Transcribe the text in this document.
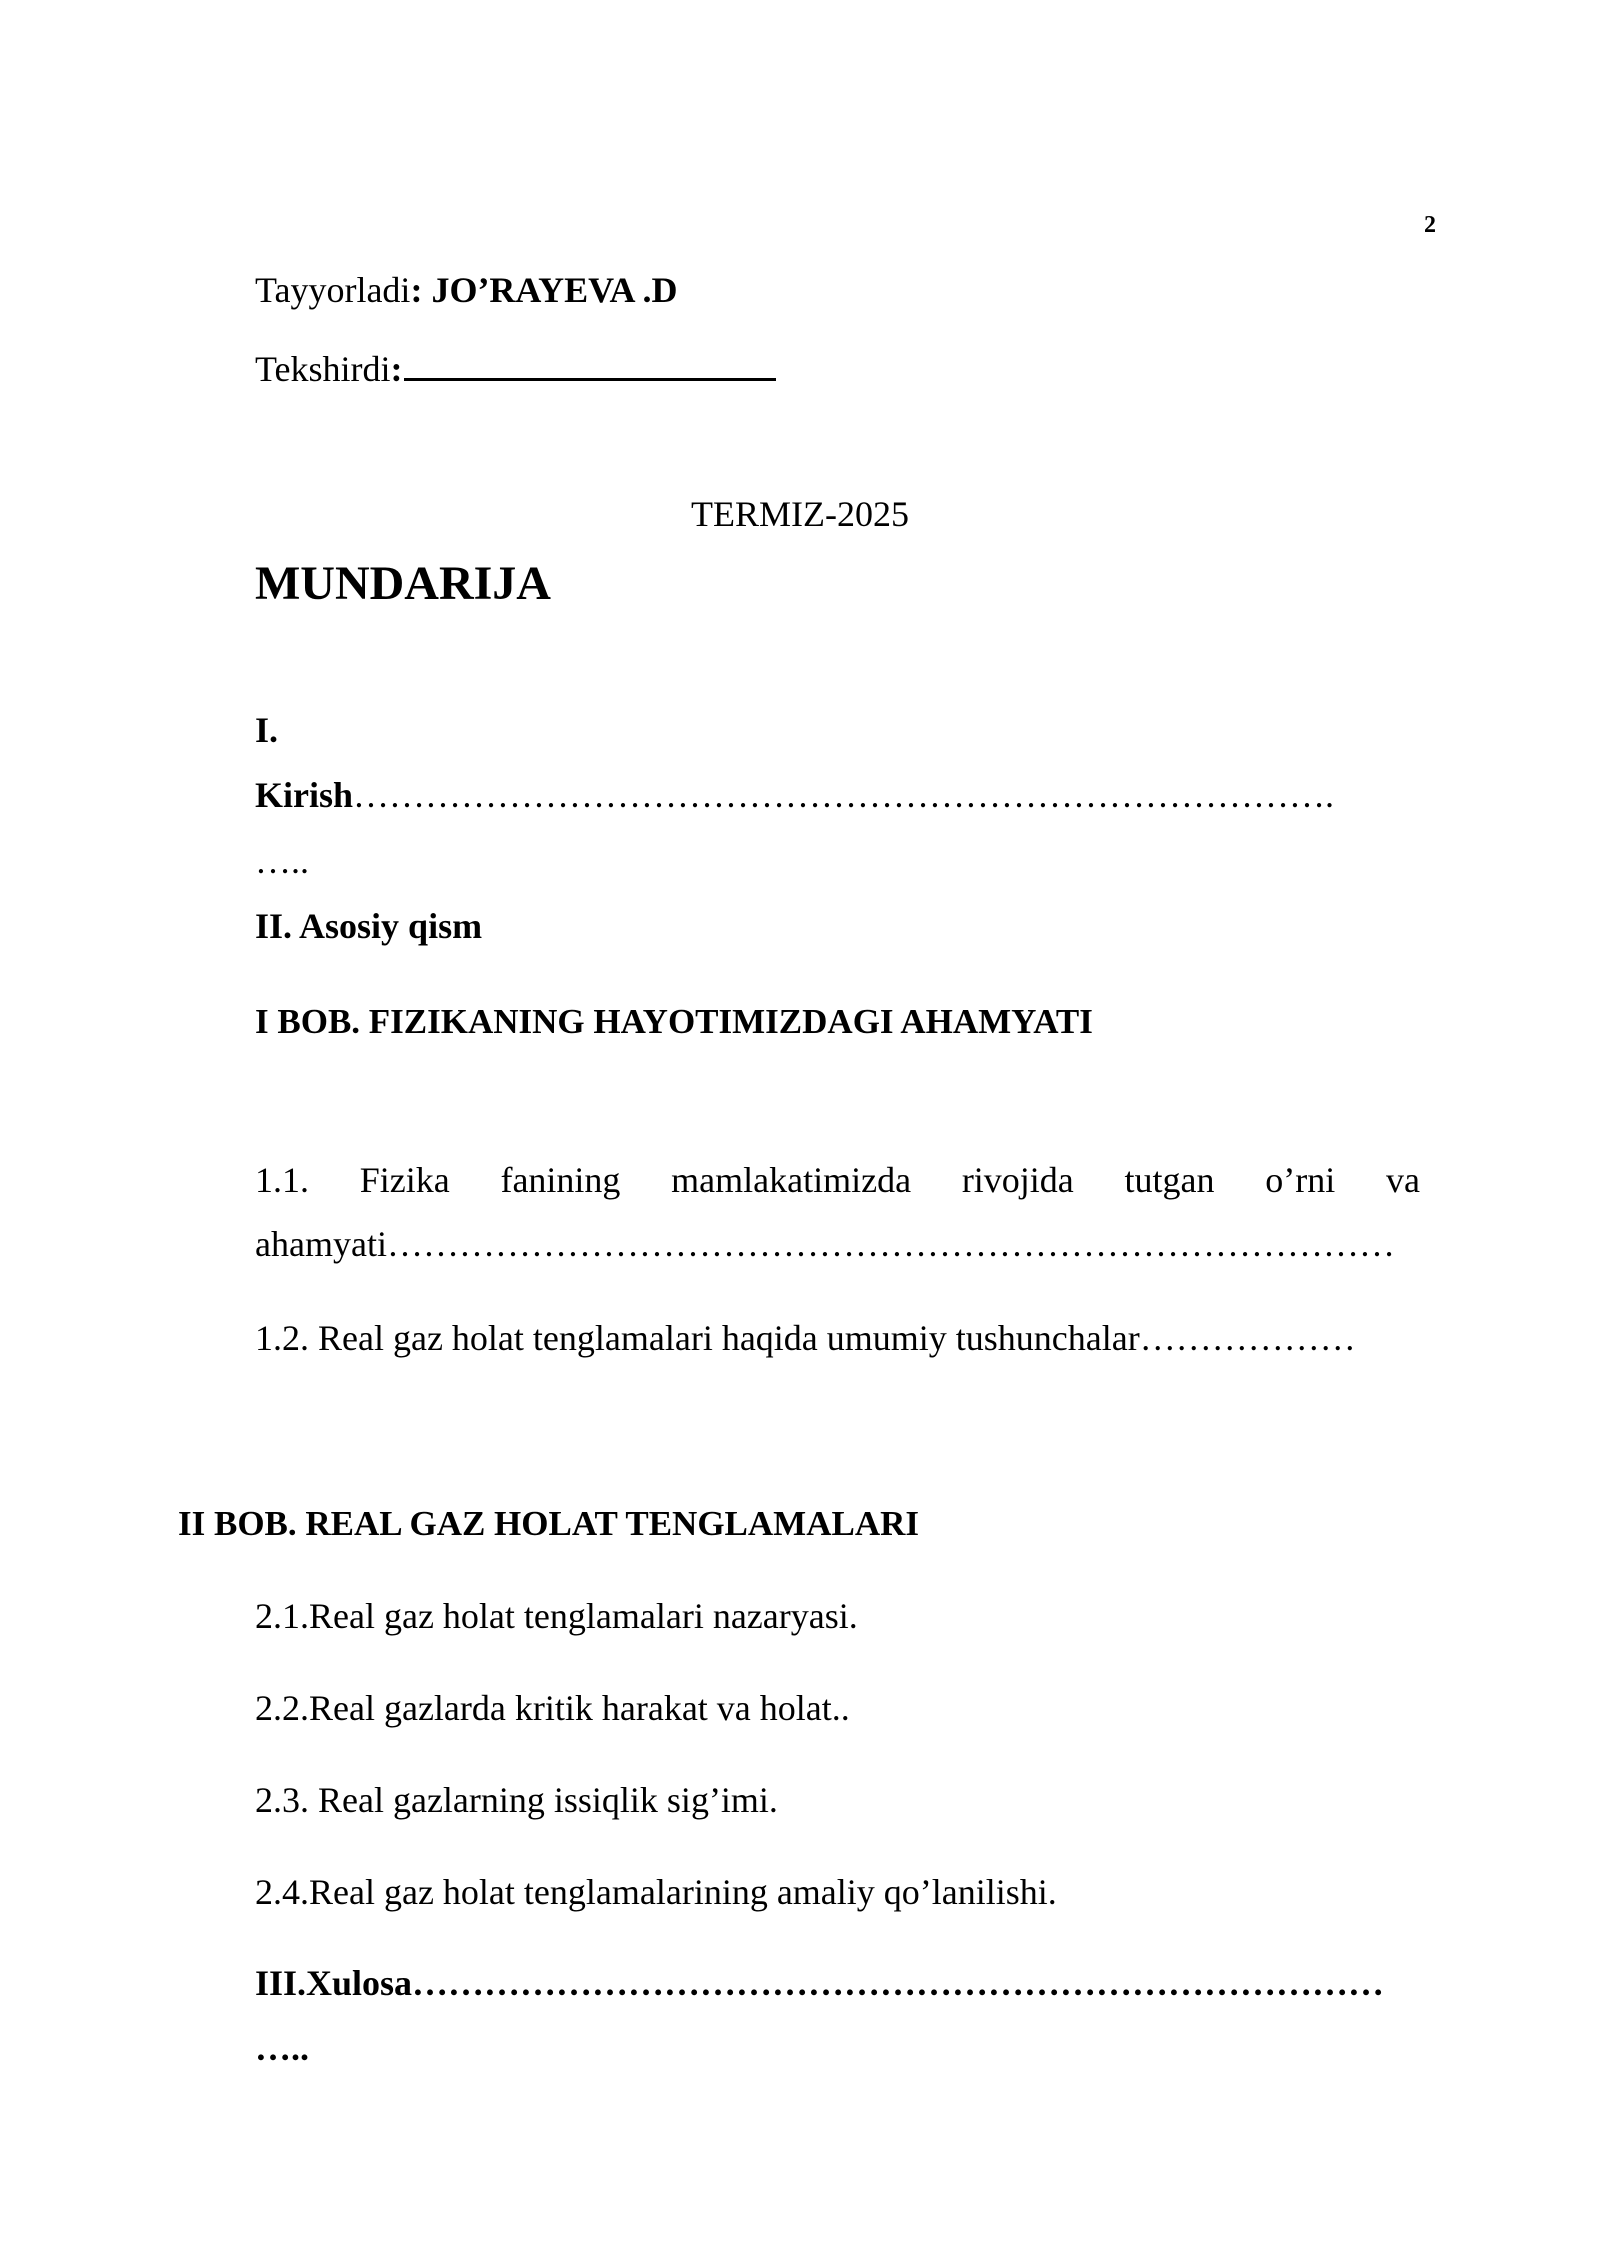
2
Tayyorladi: JO’RAYEVA .D
Tekshirdi:
TERMIZ-2025
MUNDARIJA
I.
Kirish……………………………………………………………………….
…..
II. Asosiy qism
I BOB. FIZIKANING HAYOTIMIZDAGI AHAMYATI
1.1. Fizika fanining mamlakatimizda rivojida tutgan o’rni va
ahamyati…………………………………………………………………………
1.2. Real gaz holat tenglamalari haqida umumiy tushunchalar………………
II BOB. REAL GAZ HOLAT TENGLAMALARI
2.1.Real gaz holat tenglamalari nazaryasi.
2.2.Real gazlarda kritik harakat va holat..
2.3. Real gazlarning issiqlik sig’imi.
2.4.Real gaz holat tenglamalarining amaliy qo’lanilishi.
III.Xulosa………………………………………………………………………
…..
